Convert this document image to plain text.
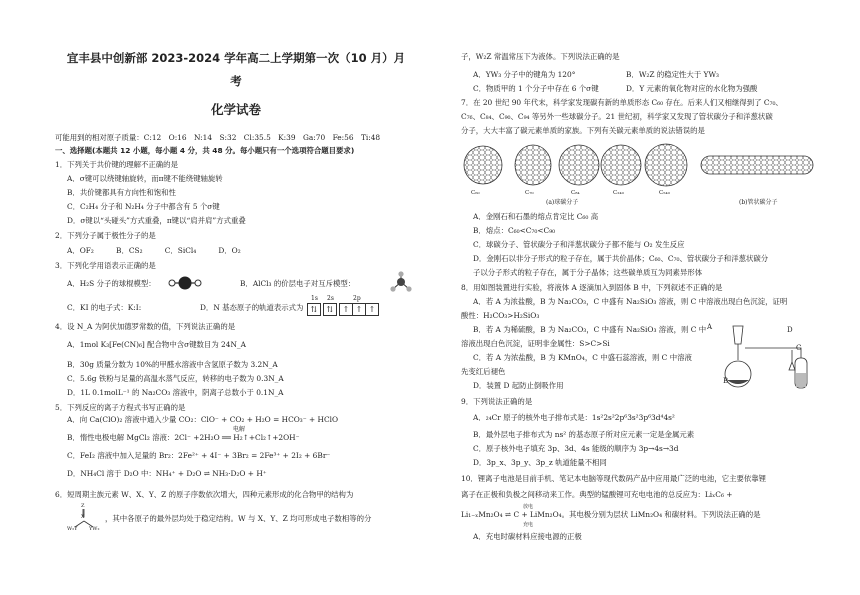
宜丰县中创新部 2023-2024 学年高二上学期第一次（10 月）月
考
化学试卷
可能用到的相对原子质量：C:12　O:16　N:14　S:32　Cl:35.5　K:39　Ga:70　Fe:56　Ti:48
一、选择题(本题共 12 小题，每小题 4 分，共 48 分。每小题只有一个选项符合题目要求)
1．下列关于共价键的理解不正确的是
A．σ键可以绕键轴旋转，而π键不能绕键轴旋转
B．共价键都具有方向性和饱和性
C．C₂H₄ 分子和 N₂H₄ 分子中都含有 5 个σ键
D．σ键以“头碰头”方式重叠，π键以“肩并肩”方式重叠
2．下列分子属于极性分子的是
A．OF₂　　　B．CS₂　　　C．SiCl₄　　　D．O₂
3．下列化学用语表示正确的是
A．H₂S 分子的球棍模型：	B．AlCl₃ 的价层电子对互斥模型：
C．KI 的电子式：K:I:	D．N 基态原子的轨道表示式为
1s 2s	2p
⇅	⇅	↑ ↑ ↑
4．设 N_A 为阿伏加德罗常数的值，下列说法正确的是
A．1mol K₃[Fe(CN)₆] 配合物中含σ键数目为 24N_A
B．30g 质量分数为 10%的甲醛水溶液中含氢原子数为 3.2N_A
C．5.6g 铁粉与足量的高温水蒸气反应，转移的电子数为 0.3N_A
D．1L 0.1molL⁻¹ 的 Na₂CO₃ 溶液中，阴离子总数小于 0.1N_A
5．下列反应的离子方程式书写正确的是
A．向 Ca(ClO)₂ 溶液中通入少量 CO₂：ClO⁻ + CO₂ + H₂O = HCO₃⁻ + HClO
电解
B．惰性电极电解 MgCl₂ 溶液：2Cl⁻ +2H₂O ══ H₂↑+Cl₂↑+2OH⁻
C．FeI₂ 溶液中加入足量的 Br₂：2Fe²⁺ + 4I⁻ + 3Br₂ = 2Fe³⁺ + 2I₂ + 6Br⁻
D．NH₄Cl 溶于 D₂O 中：NH₄⁺ + D₂O ⇌ NH₃·D₂O + H⁺
6．短周期主族元素 W、X、Y、Z 的原子序数依次增大，四种元素形成的化合物甲的结构为
Z
X
W₂Y YW₂
，其中各原子的最外层均处于稳定结构。W 与 X、Y、Z 均可形成电子数相等的分
子，W₂Z 常温常压下为液体。下列说法正确的是
A．YW₃ 分子中的键角为 120°	B．W₂Z 的稳定性大于 YW₃
C．物质甲的 1 个分子中存在 6 个σ键	D．Y 元素的氧化物对应的水化物为强酸
7．在 20 世纪 90 年代末，科学家发现碳有新的单质形态 C₆₀ 存在。后来人们又相继得到了 C₇₀、
C₇₆、C₈₄、C₉₀、C₉₄ 等另外一些球碳分子。21 世纪初，科学家又发现了管状碳分子和洋葱状碳
分子，大大丰富了碳元素单质的家族。下列有关碳元素单质的说法错误的是
C₆₀	C₇₀	C₈₄	C₂₄₀	C₅₄₀
(a)球碳分子	(b)管状碳分子
A．金刚石和石墨的熔点肯定比 C₆₀ 高
B．熔点：C₆₀<C₇₀<C₉₀
C．球碳分子、管状碳分子和洋葱状碳分子都不能与 O₂ 发生反应
D．金刚石以非分子形式的粒子存在，属于共价晶体；C₆₀、C₇₀、管状碳分子和洋葱状碳分
子以分子形式的粒子存在，属于分子晶体；这些碳单质互为同素异形体
8．用如图装置进行实验，将液体 A 逐滴加入到固体 B 中，下列叙述不正确的是
A．若 A 为浓盐酸，B 为 Na₂CO₃，C 中盛有 Na₂SiO₃ 溶液，则 C 中溶液出现白色沉淀，证明
酸性：H₂CO₃>H₂SiO₃
B．若 A 为稀硫酸，B 为 Na₂CO₃，C 中盛有 Na₂SiO₃ 溶液，则 C 中
溶液出现白色沉淀，证明非金属性：S>C>Si
C．若 A 为浓盐酸，B 为 KMnO₄，C 中盛石蕊溶液，则 C 中溶液
先变红后褪色
D．装置 D 起防止倒吸作用
A
B
C
D
9．下列说法正确的是
A．₂₄Cr 原子的核外电子排布式是：1s²2s²2p⁶3s²3p⁶3d⁴4s²
B．最外层电子排布式为 ns² 的基态原子所对应元素一定是金属元素
C．原子核外电子填充 3p、3d、4s 能级的顺序为 3p→4s→3d
D．3p_x、3p_y、3p_z 轨道能量不相同
10．锂离子电池是目前手机、笔记本电脑等现代数码产品中应用最广泛的电池，它主要依靠锂
离子在正极和负极之间移动来工作。典型的锰酸锂可充电电池的总反应为：LiₓC₆ +
放电
Li₁₋ₓMn₂O₄ ⇌ C + LiMn₂O₄。其电极分别为层状 LiMn₂O₄ 和碳材料。下列说法正确的是
充电
A．充电时碳材料应接电源的正极
